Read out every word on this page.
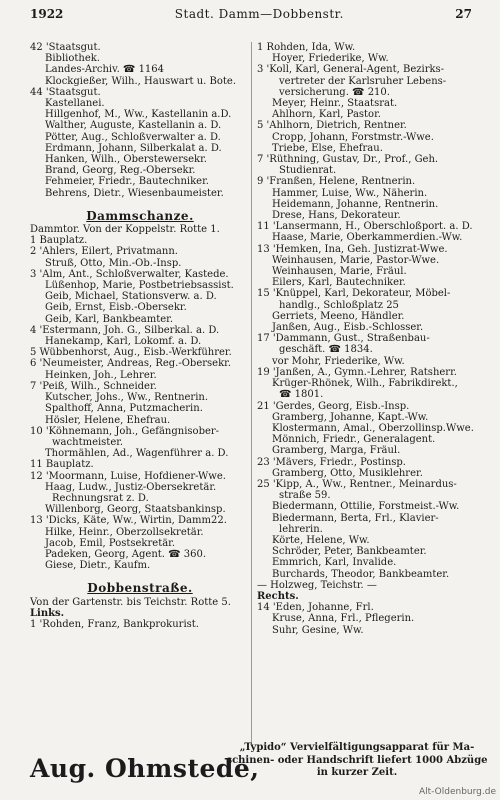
1922	Stadt. Damm—Dobbenstr.	27
42 'Staatsgut.
Bibliothek.
Landes-Archiv. ☎ 1164
Klockgießer, Wilh., Hauswart u. Bote.
44 'Staatsgut.
Kastellanei.
Hillgenhof, M., Ww., Kastellanin a.D.
Walther, Auguste, Kastellanin a. D.
Pötter, Aug., Schloßverwalter a. D.
Erdmann, Johann, Silberkalat a. D.
Hanken, Wilh., Oberstewersekr.
Brand, Georg, Reg.-Obersekr.
Fehmeier, Friedr., Bautechniker.
Behrens, Dietr., Wiesenbaumeister.
Dammschanze.
Dammtor. Von der Koppelstr. Rotte 1.
1 Bauplatz.
2 'Ahlers, Eilert, Privatmann.
Struß, Otto, Min.-Ob.-Insp.
3 'Alm, Ant., Schloßverwalter, Kastede.
Lüßenhop, Marie, Postbetriebsassist.
Geib, Michael, Stationsverw. a. D.
Geib, Ernst, Eisb.-Obersekr.
Geib, Karl, Bankbeamter.
4 'Estermann, Joh. G., Silberkal. a. D.
Hanekamp, Karl, Lokomf. a. D.
5 Wübbenhorst, Aug., Eisb.-Werkführer.
6 'Neumeister, Andreas, Reg.-Obersekr.
Heinken, Joh., Lehrer.
7 'Peiß, Wilh., Schneider.
Kutscher, Johs., Ww., Rentnerin.
Spalthoff, Anna, Putzmacherin.
Hösler, Helene, Ehefrau.
10 'Köhnemann, Joh., Gefängnisober-
wachtmeister.
Thormählen, Ad., Wagenführer a. D.
11 Bauplatz.
12 'Moormann, Luise, Hofdiener-Wwe.
Haag, Ludw., Justiz-Obersekretär.
Rechnungsrat z. D.
Willenborg, Georg, Staatsbankinsp.
13 'Dicks, Käte, Ww., Wirtin, Damm22.
Hilke, Heinr., Oberzollsekretär.
Jacob, Emil, Postsekretär.
Padeken, Georg, Agent. ☎ 360.
Giese, Dietr., Kaufm.
Dobbenstraße.
Von der Gartenstr. bis Teichstr. Rotte 5.
Links.
1 'Rohden, Franz, Bankprokurist.
1 Rohden, Ida, Ww.
Hoyer, Friederike, Ww.
3 'Koll, Karl, General-Agent, Bezirks-
vertreter der Karlsruher Lebens-
versicherung. ☎ 210.
Meyer, Heinr., Staatsrat.
Ahlhorn, Karl, Pastor.
5 'Ahlhorn, Dietrich, Rentner.
Cropp, Johann, Forstmstr.-Wwe.
Triebe, Else, Ehefrau.
7 'Rüthning, Gustav, Dr., Prof., Geh.
Studienrat.
9 'Franßen, Helene, Rentnerin.
Hammer, Luise, Ww., Näherin.
Heidemann, Johanne, Rentnerin.
Drese, Hans, Dekorateur.
11 'Lansermann, H., Oberschloßport. a. D.
Haase, Marie, Oberkammerdien.-Ww.
13 'Hemken, Ina, Geh. Justizrat-Wwe.
Weinhausen, Marie, Pastor-Wwe.
Weinhausen, Marie, Fräul.
Eilers, Karl, Bautechniker.
15 'Knüppel, Karl, Dekorateur, Möbel-
handlg., Schloßplatz 25
Gerriets, Meeno, Händler.
Janßen, Aug., Eisb.-Schlosser.
17 'Dammann, Gust., Straßenbau-
geschäft. ☎ 1834.
vor Mohr, Friederike, Ww.
19 'Janßen, A., Gymn.-Lehrer, Ratsherr.
Krüger-Rhönek, Wilh., Fabrikdirekt.,
☎ 1801.
21 'Gerdes, Georg, Eisb.-Insp.
Gramberg, Johanne, Kapt.-Ww.
Klostermann, Amal., Oberzollinsp.Wwe.
Mönnich, Friedr., Generalagent.
Gramberg, Marga, Fräul.
23 'Mävers, Friedr., Postinsp.
Gramberg, Otto, Musiklehrer.
25 'Kipp, A., Ww., Rentner., Meinardus-
straße 59.
Biedermann, Ottilie, Forstmeist.-Ww.
Biedermann, Berta, Frl., Klavier-
lehrerin.
Körte, Helene, Ww.
Schröder, Peter, Bankbeamter.
Emmrich, Karl, Invalide.
Burchards, Theodor, Bankbeamter.
— Holzweg, Teichstr. —
Rechts.
14 'Eden, Johanne, Frl.
Kruse, Anna, Frl., Pflegerin.
Suhr, Gesine, Ww.
Aug. Ohmstede,
„Typido“ Vervielfältigungsapparat für Ma-
schinen- oder Handschrift liefert 1000 Abzüge
in kurzer Zeit.
Alt-Oldenburg.de
